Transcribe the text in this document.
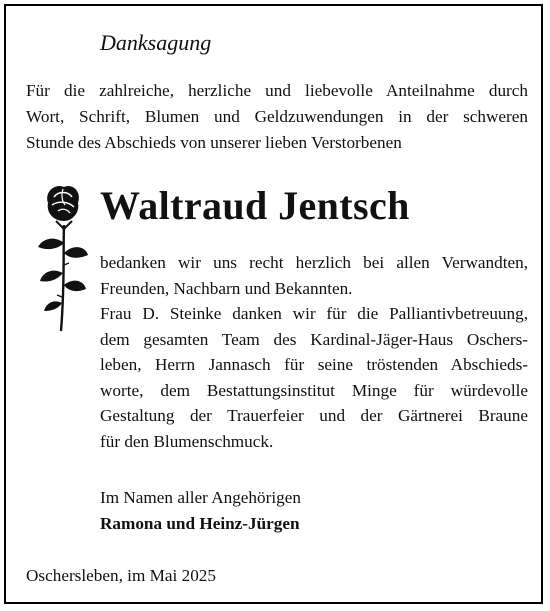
Danksagung
Für die zahlreiche, herzliche und liebevolle Anteilnahme durch
Wort, Schrift, Blumen und Geldzuwendungen in der schweren
Stunde des Abschieds von unserer lieben Verstorbenen
Waltraud Jentsch
bedanken wir uns recht herzlich bei allen Verwandten,
Freunden, Nachbarn und Bekannten.
Frau D. Steinke danken wir für die Palliantivbetreuung,
dem gesamten Team des Kardinal-Jäger-Haus Oschers-
leben, Herrn Jannasch für seine tröstenden Abschieds-
worte, dem Bestattungsinstitut Minge für würdevolle
Gestaltung der Trauerfeier und der Gärtnerei Braune
für den Blumenschmuck.
Im Namen aller Angehörigen
Ramona und Heinz-Jürgen
Oschersleben, im Mai 2025
